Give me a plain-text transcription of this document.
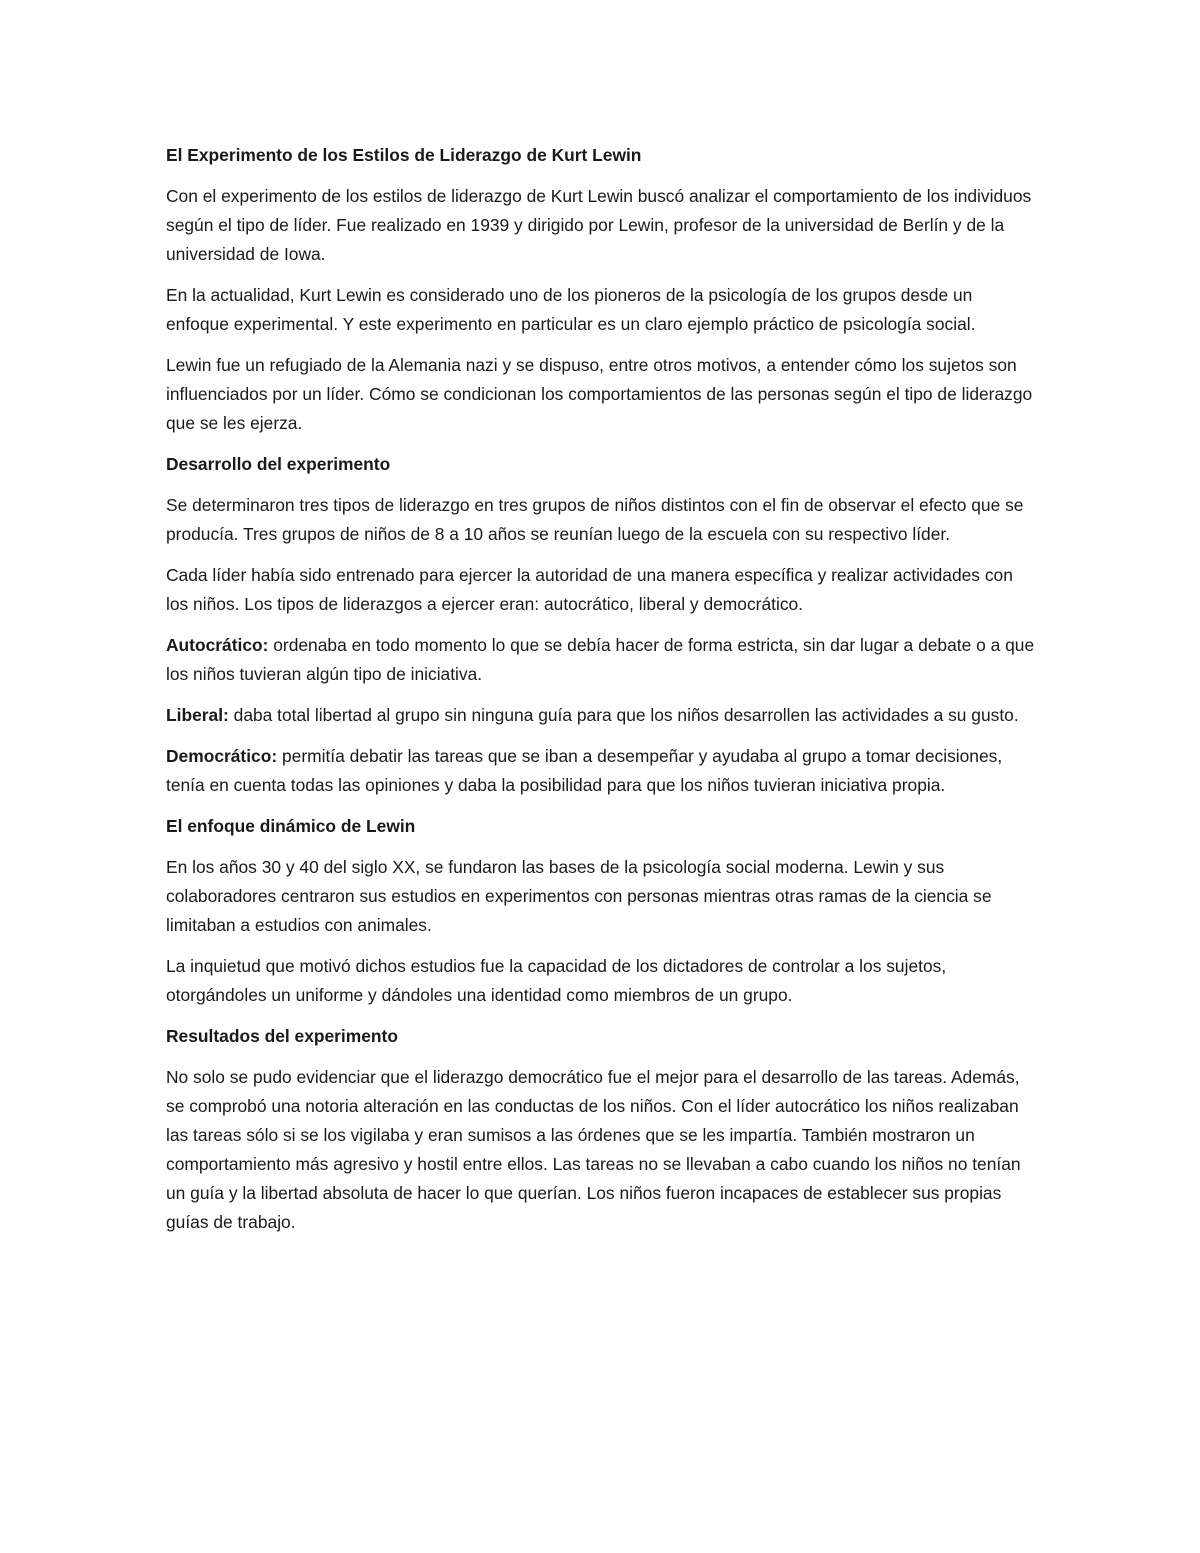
El Experimento de los Estilos de Liderazgo de Kurt Lewin

Con el experimento de los estilos de liderazgo de Kurt Lewin buscó analizar el comportamiento de los individuos según el tipo de líder. Fue realizado en 1939 y dirigido por Lewin, profesor de la universidad de Berlín y de la universidad de Iowa.

En la actualidad, Kurt Lewin es considerado uno de los pioneros de la psicología de los grupos desde un enfoque experimental. Y este experimento en particular es un claro ejemplo práctico de psicología social.

Lewin fue un refugiado de la Alemania nazi y se dispuso, entre otros motivos, a entender cómo los sujetos son influenciados por un líder. Cómo se condicionan los comportamientos de las personas según el tipo de liderazgo que se les ejerza.

Desarrollo del experimento

Se determinaron tres tipos de liderazgo en tres grupos de niños distintos con el fin de observar el efecto que se producía. Tres grupos de niños de 8 a 10 años se reunían luego de la escuela con su respectivo líder.

Cada líder había sido entrenado para ejercer la autoridad de una manera específica y realizar actividades con los niños. Los tipos de liderazgos a ejercer eran: autocrático, liberal y democrático.

Autocrático: ordenaba en todo momento lo que se debía hacer de forma estricta, sin dar lugar a debate o a que los niños tuvieran algún tipo de iniciativa.

Liberal: daba total libertad al grupo sin ninguna guía para que los niños desarrollen las actividades a su gusto.

Democrático: permitía debatir las tareas que se iban a desempeñar y ayudaba al grupo a tomar decisiones, tenía en cuenta todas las opiniones y daba la posibilidad para que los niños tuvieran iniciativa propia.

El enfoque dinámico de Lewin

En los años 30 y 40 del siglo XX, se fundaron las bases de la psicología social moderna. Lewin y sus colaboradores centraron sus estudios en experimentos con personas mientras otras ramas de la ciencia se limitaban a estudios con animales.

La inquietud que motivó dichos estudios fue la capacidad de los dictadores de controlar a los sujetos, otorgándoles un uniforme y dándoles una identidad como miembros de un grupo.

Resultados del experimento

No solo se pudo evidenciar que el liderazgo democrático fue el mejor para el desarrollo de las tareas. Además, se comprobó una notoria alteración en las conductas de los niños. Con el líder autocrático los niños realizaban las tareas sólo si se los vigilaba y eran sumisos a las órdenes que se les impartía. También mostraron un comportamiento más agresivo y hostil entre ellos. Las tareas no se llevaban a cabo cuando los niños no tenían un guía y la libertad absoluta de hacer lo que querían. Los niños fueron incapaces de establecer sus propias guías de trabajo.
